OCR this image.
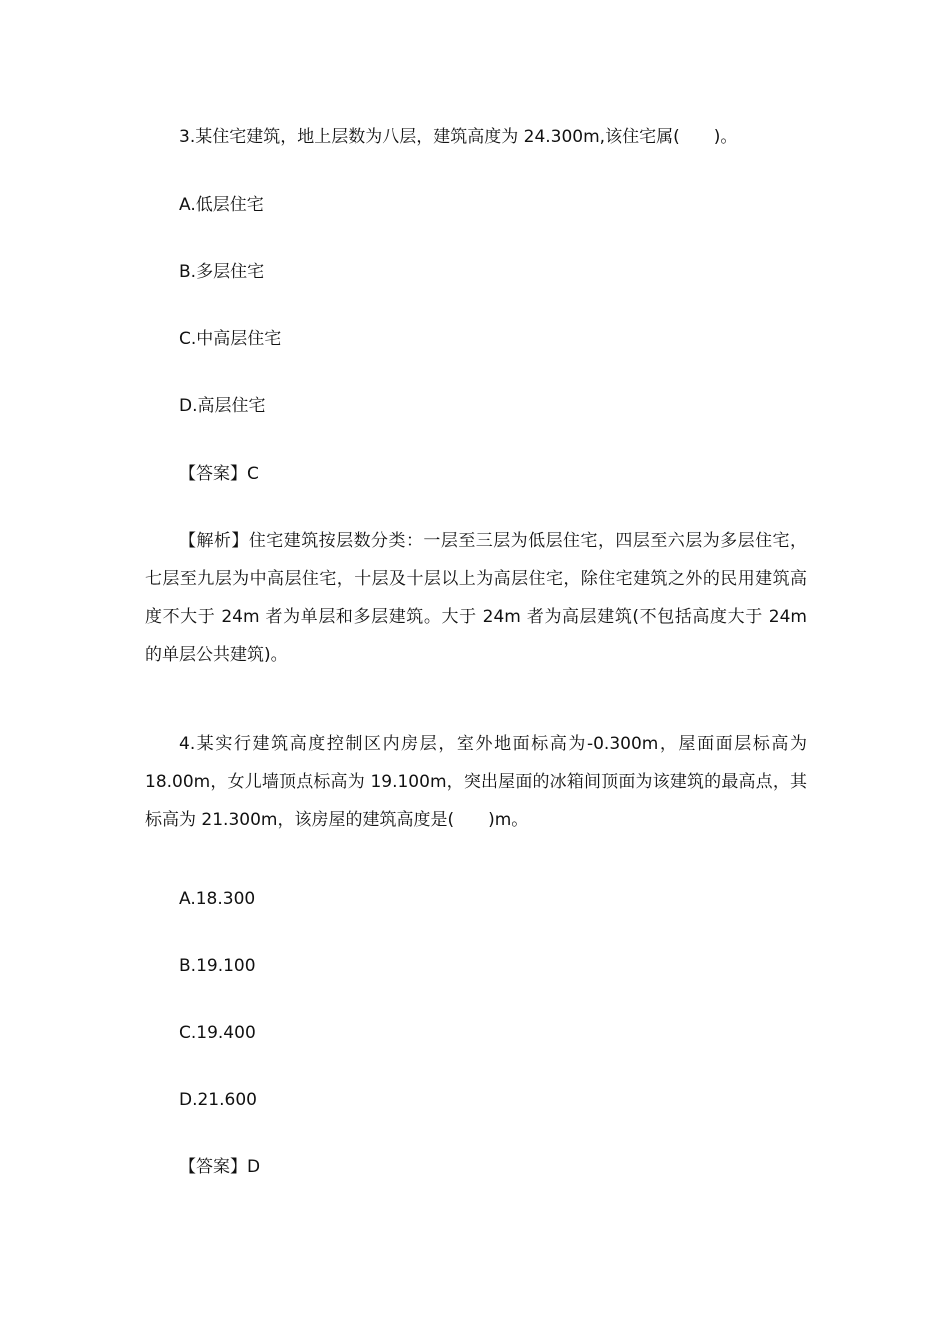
3.某住宅建筑，地上层数为八层，建筑高度为 24.300m,该住宅属(　　)。
A.低层住宅
B.多层住宅
C.中高层住宅
D.高层住宅
【答案】C

【解析】住宅建筑按层数分类：一层至三层为低层住宅，四层至六层为多层住宅，七层至九层为中高层住宅，十层及十层以上为高层住宅，除住宅建筑之外的民用建筑高度不大于 24m 者为单层和多层建筑。大于 24m 者为高层建筑(不包括高度大于 24m 的单层公共建筑)。

4.某实行建筑高度控制区内房层，室外地面标高为-0.300m，屋面面层标高为 18.00m，女儿墙顶点标高为 19.100m，突出屋面的冰箱间顶面为该建筑的最高点，其标高为 21.300m，该房屋的建筑高度是(　　)m。

A.18.300
B.19.100
C.19.400
D.21.600
【答案】D
